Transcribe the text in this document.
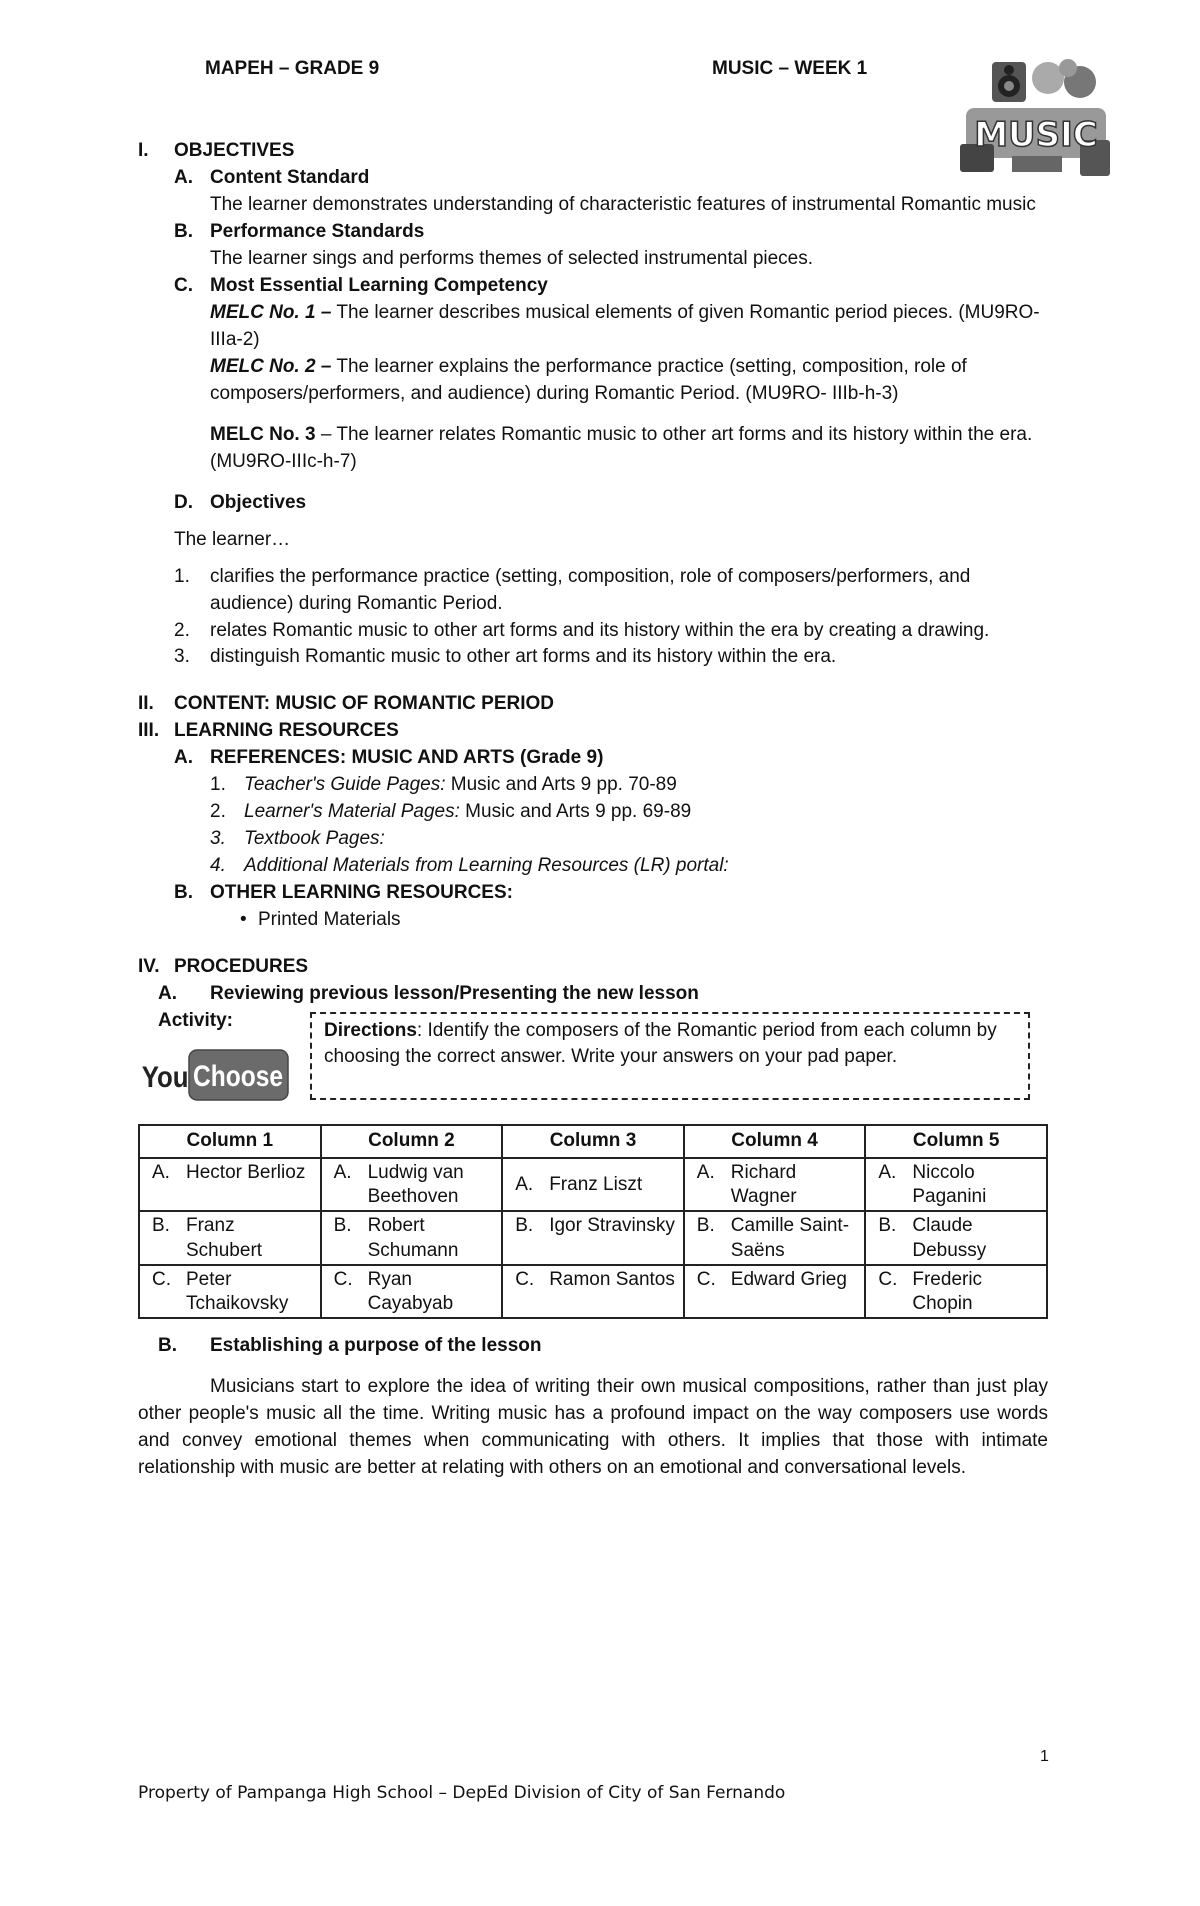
MAPEH – GRADE 9	MUSIC – WEEK 1
MUSIC
I. OBJECTIVES
A. Content Standard
The learner demonstrates understanding of characteristic features of instrumental Romantic music
B. Performance Standards
The learner sings and performs themes of selected instrumental pieces.
C. Most Essential Learning Competency
MELC No. 1 – The learner describes musical elements of given Romantic period pieces. (MU9RO-IIIa-2)
MELC No. 2 – The learner explains the performance practice (setting, composition, role of composers/performers, and audience) during Romantic Period. (MU9RO- IIIb-h-3)
MELC No. 3 – The learner relates Romantic music to other art forms and its history within the era. (MU9RO-IIIc-h-7)
D. Objectives
The learner…
1. clarifies the performance practice (setting, composition, role of composers/performers, and audience) during Romantic Period.
2. relates Romantic music to other art forms and its history within the era by creating a drawing.
3. distinguish Romantic music to other art forms and its history within the era.
II. CONTENT: MUSIC OF ROMANTIC PERIOD
III. LEARNING RESOURCES
A. REFERENCES: MUSIC AND ARTS (Grade 9)
1. Teacher's Guide Pages: Music and Arts 9 pp. 70-89
2. Learner's Material Pages: Music and Arts 9 pp. 69-89
3. Textbook Pages:
4. Additional Materials from Learning Resources (LR) portal:
B. OTHER LEARNING RESOURCES:
• Printed Materials
IV. PROCEDURES
A. Reviewing previous lesson/Presenting the new lesson
Activity:
You Choose
Directions: Identify the composers of the Romantic period from each column by choosing the correct answer. Write your answers on your pad paper.
Column 1	Column 2	Column 3	Column 4	Column 5

A. Hector Berlioz	A. Ludwig van Beethoven	A. Franz Liszt	A. Richard Wagner	A. Niccolo Paganini

B. Franz Schubert	B. Robert Schumann	B. Igor Stravinsky	B. Camille Saint-Saëns	B. Claude Debussy

C. Peter Tchaikovsky	C. Ryan Cayabyab	C. Ramon Santos	C. Edward Grieg	C. Frederic Chopin
B. Establishing a purpose of the lesson
Musicians start to explore the idea of writing their own musical compositions, rather than just play other people's music all the time. Writing music has a profound impact on the way composers use words and convey emotional themes when communicating with others. It implies that those with intimate relationship with music are better at relating with others on an emotional and conversational levels.
1
Property of Pampanga High School – DepEd Division of City of San Fernando
